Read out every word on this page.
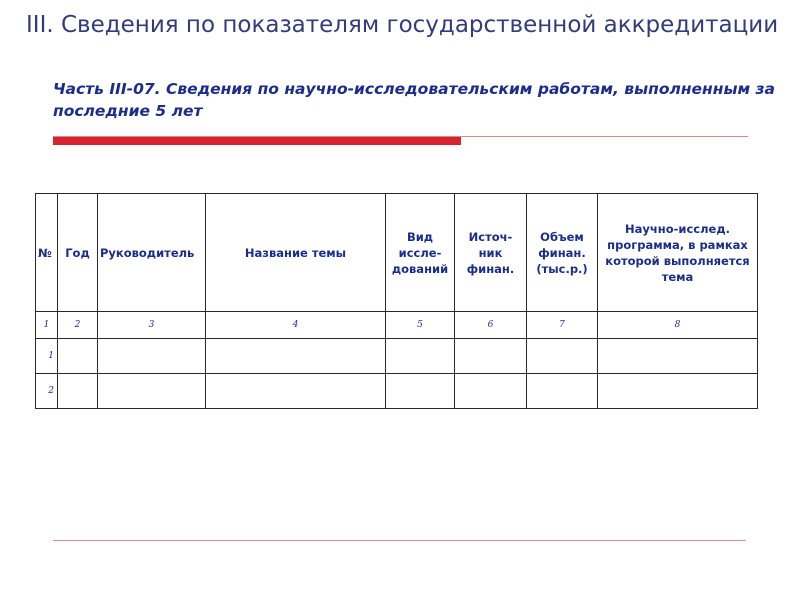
III. Сведения по показателям государственной аккредитации
Часть III-07. Сведения по научно-исследовательским работам, выполненным за последние 5 лет
№	Год	Руководитель	Название темы	Вид
иссле-
дований	Источ-
ник
финан.	Объем
финан.
(тыс.р.)	Научно-исслед. программа, в рамках которой выполняется тема
1	2	3	4	5	6	7	8
1							
2							
